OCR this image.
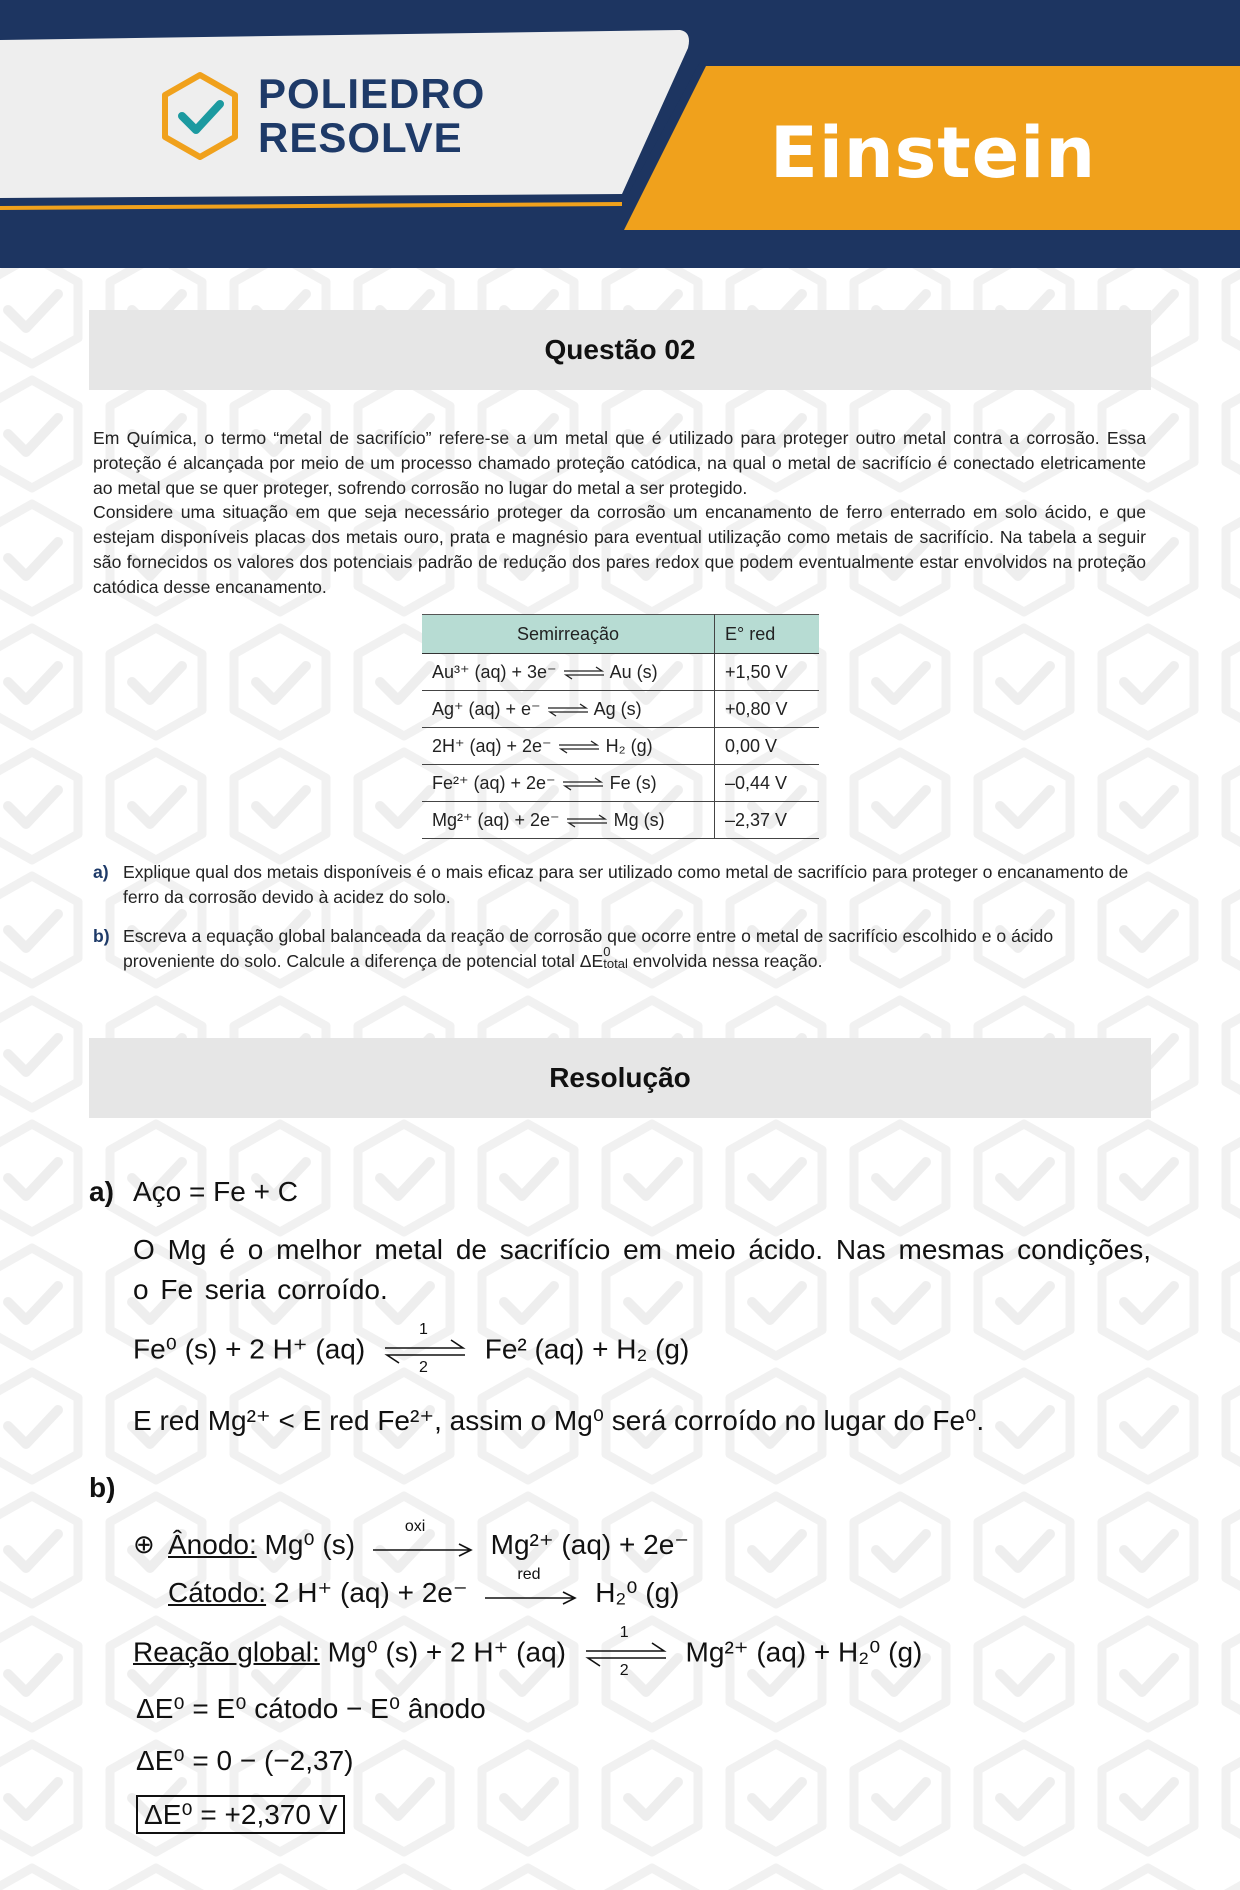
POLIEDRO
RESOLVE	Einstein
Questão 02

Em Química, o termo “metal de sacrifício” refere-se a um metal que é utilizado para proteger outro metal contra a corrosão. Essa proteção é alcançada por meio de um processo chamado proteção catódica, na qual o metal de sacrifício é conectado eletricamente ao metal que se quer proteger, sofrendo corrosão no lugar do metal a ser protegido.

Considere uma situação em que seja necessário proteger da corrosão um encanamento de ferro enterrado em solo ácido, e que estejam disponíveis placas dos metais ouro, prata e magnésio para eventual utilização como metais de sacrifício. Na tabela a seguir são fornecidos os valores dos potenciais padrão de redução dos pares redox que podem eventualmente estar envolvidos na proteção catódica desse encanamento.

Semirreação	E° red
Au³⁺ (aq) + 3e⁻ ⇌ Au (s)	+1,50 V
Ag⁺ (aq) + e⁻ ⇌ Ag (s)	+0,80 V
2H⁺ (aq) + 2e⁻ ⇌ H₂ (g)	0,00 V
Fe²⁺ (aq) + 2e⁻ ⇌ Fe (s)	–0,44 V
Mg²⁺ (aq) + 2e⁻ ⇌ Mg (s)	–2,37 V
a) Explique qual dos metais disponíveis é o mais eficaz para ser utilizado como metal de sacrifício para proteger o encanamento de ferro da corrosão devido à acidez do solo.
b) Escreva a equação global balanceada da reação de corrosão que ocorre entre o metal de sacrifício escolhido e o ácido proveniente do solo. Calcule a diferença de potencial total ΔE 0
total envolvida nessa reação.
Resolução
a) Aço = Fe + C
O Mg é o melhor metal de sacrifício em meio ácido. Nas mesmas condições, o Fe seria corroído.
Fe⁰ (s) + 2 H⁺ (aq)
1
2
Fe² (aq) + H₂ (g)
E red Mg²⁺ < E red Fe²⁺, assim o Mg⁰ será corroído no lugar do Fe⁰.
b)
⊕ Ânodo: Mg⁰ (s)
oxi
Mg²⁺ (aq) + 2e⁻
Cátodo: 2 H⁺ (aq) + 2e⁻
red
H₂⁰ (g)
Reação global: Mg⁰ (s) + 2 H⁺ (aq)
1
2
Mg²⁺ (aq) + H₂⁰ (g)
ΔE⁰ = E⁰ cátodo − E⁰ ânodo
ΔE⁰ = 0 − (−2,37)
ΔE⁰ = +2,370 V
